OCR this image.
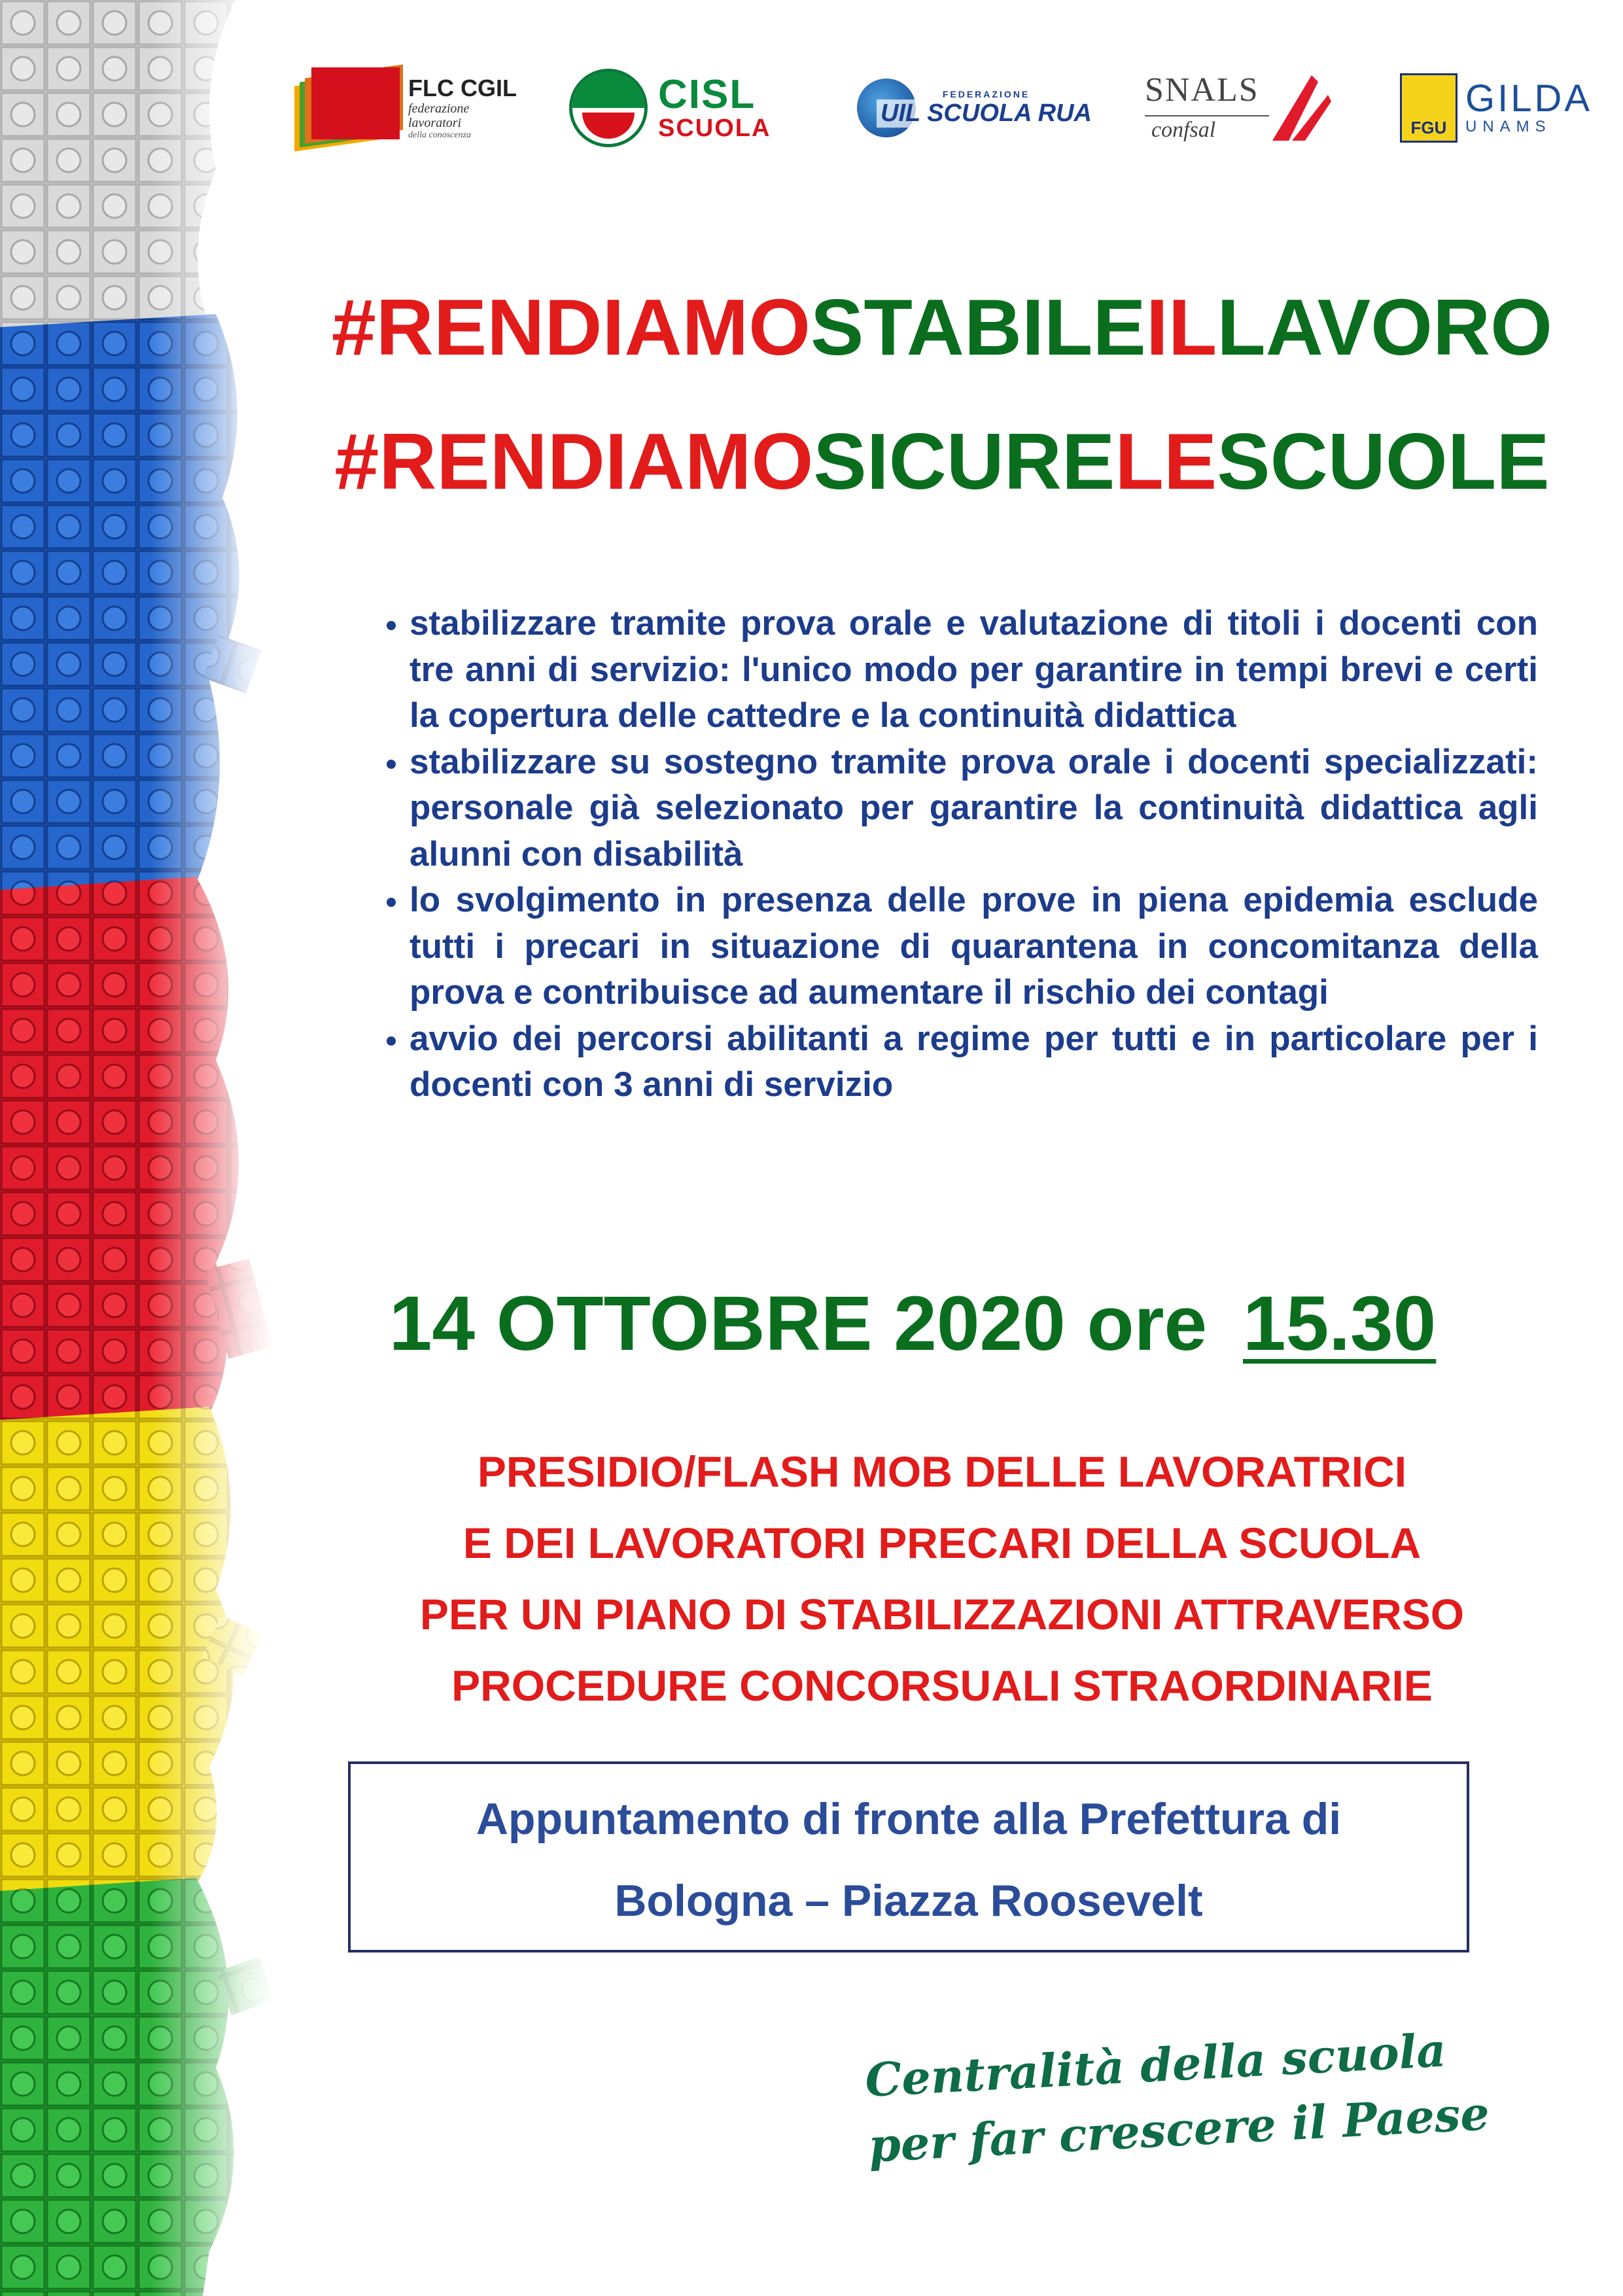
FLC CGIL
federazione
lavoratori
della conoscenza
CISL
SCUOLA
FEDERAZIONE
UIL SCUOLA RUA
SNALS
confsal	FGU
GILDA
UNAMS
#RENDIAMOSTABILEILLAVORO
#RENDIAMOSICURELESCUOLE
• stabilizzare tramite prova orale e valutazione di titoli i docenti con tre anni di servizio: l'unico modo per garantire in tempi brevi e certi la copertura delle cattedre e la continuità didattica
• stabilizzare su sostegno tramite prova orale i docenti specializzati: personale già selezionato per garantire la continuità didattica agli alunni con disabilità
• lo svolgimento in presenza delle prove in piena epidemia esclude tutti i precari in situazione di quarantena in concomitanza della prova e contribuisce ad aumentare il rischio dei contagi
• avvio dei percorsi abilitanti a regime per tutti e in particolare per i docenti con 3 anni di servizio
14 OTTOBRE 2020 ore 15.30
PRESIDIO/FLASH MOB DELLE LAVORATRICI
E DEI LAVORATORI PRECARI DELLA SCUOLA
PER UN PIANO DI STABILIZZAZIONI ATTRAVERSO
PROCEDURE CONCORSUALI STRAORDINARIE
Appuntamento di fronte alla Prefettura di
Bologna – Piazza Roosevelt
Centralità della scuola
per far crescere il Paese
